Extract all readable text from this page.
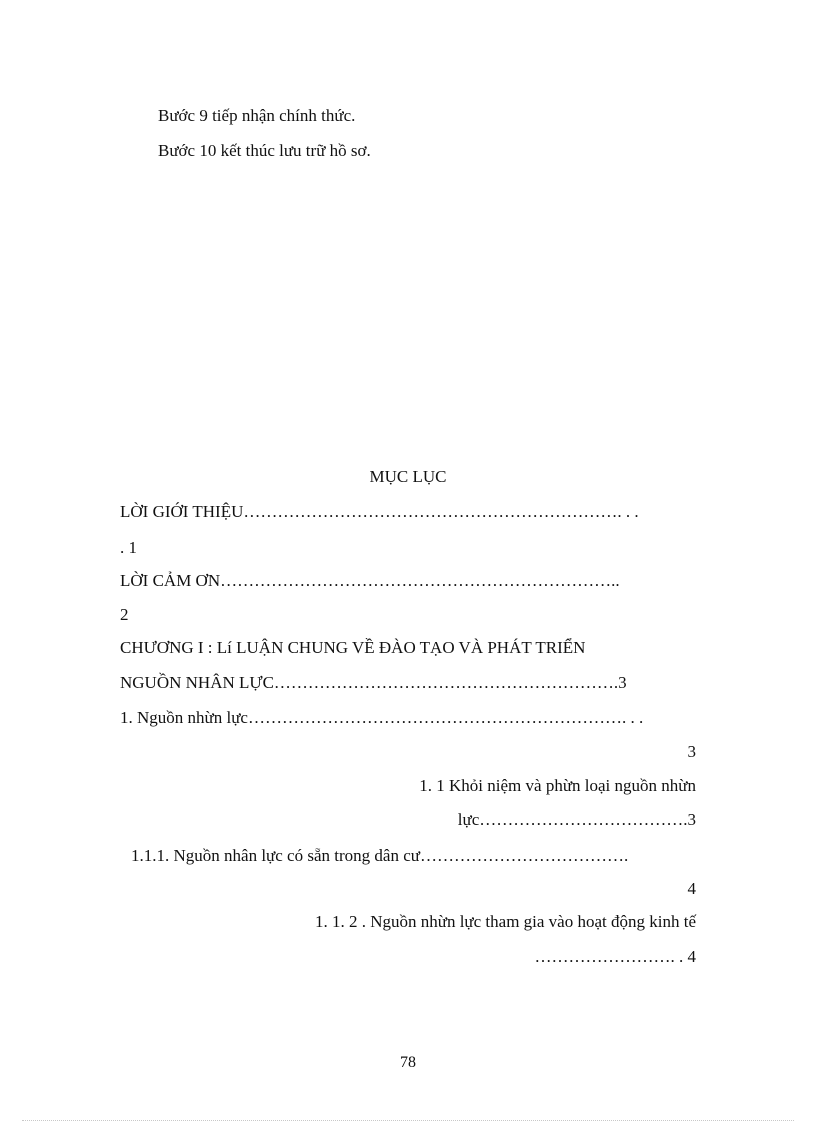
Bước 9 tiếp nhận chính thức.
Bước 10 kết thúc lưu trữ hồ sơ.
MỤC LỤC
LỜI GIỚI THIỆU…………………………………………………………. . .
. 1
LỜI CẢM ƠN……………………………………………………………..
2
CHƯƠNG I : Lí LUẬN CHUNG VỀ ĐÀO TẠO VÀ PHÁT TRIỂN
NGUỒN NHÂN LỰC…………………………………………………….3
1. Nguồn nhừn lực…………………………………………………………. . .
3
1. 1 Khỏi niệm và phừn loại nguồn nhừn
lực……………………………….3
1.1.1. Nguồn nhân lực có sẵn trong dân cư……………………………….
4
1. 1. 2 . Nguồn nhừn lực tham gia vào hoạt động kinh tế
……………………. . 4
78
